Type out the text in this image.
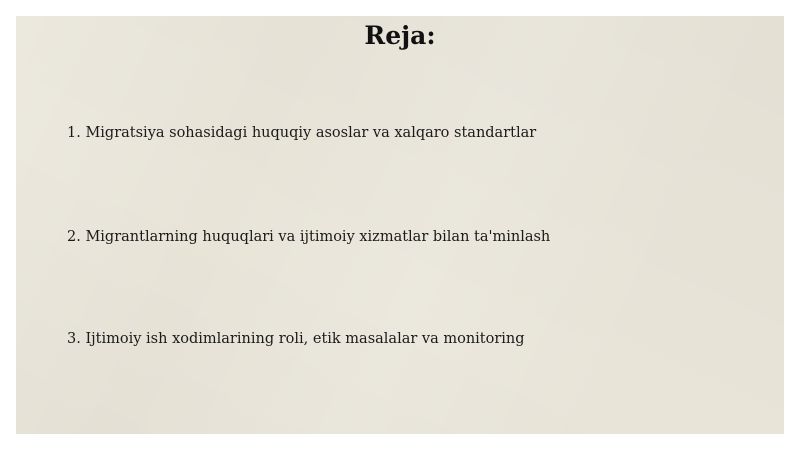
Reja:

1. Migratsiya sohasidagi huquqiy asoslar va xalqaro standartlar

2. Migrantlarning huquqlari va ijtimoiy xizmatlar bilan ta'minlash

3. Ijtimoiy ish xodimlarining roli, etik masalalar va monitoring
